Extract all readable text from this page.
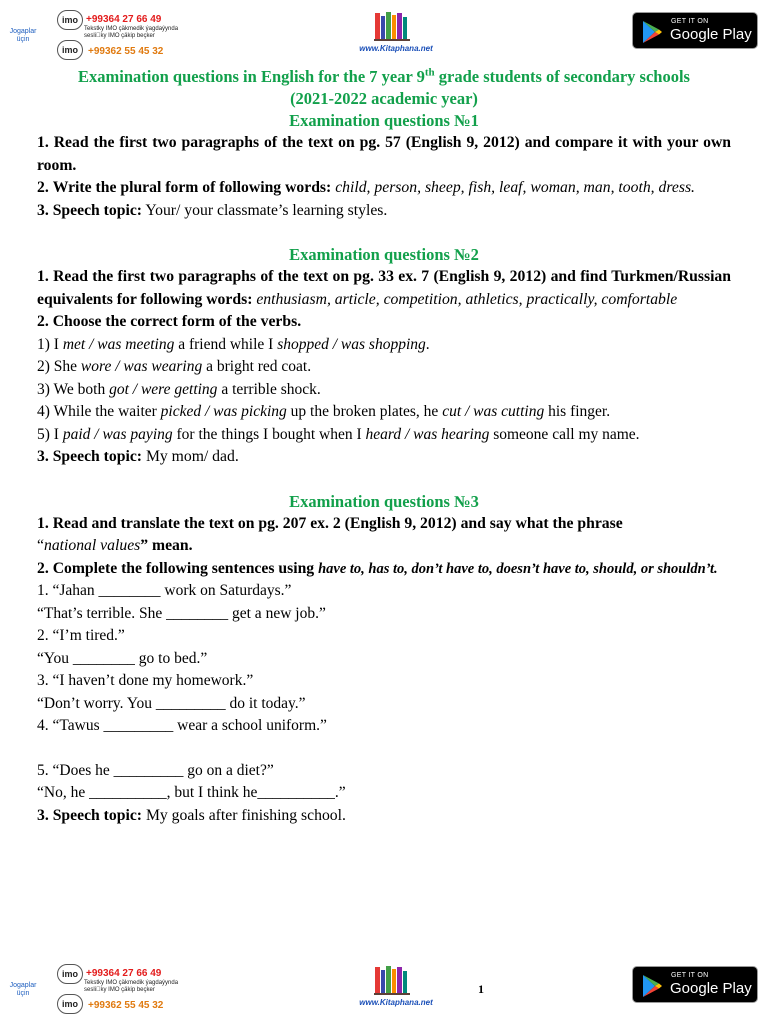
Jogaplar
üçin
imo +99364 27 66 49
Tekstky IMO çäkmedik ýagdaýynda
sesli ky IMO çäkip beçker
imo	+99362 55 45 32	www.Kitaphana.net
GET IT ON
Google Play
Examination questions in English for the 7 year 9th grade students of secondary schools
(2021-2022 academic year)
Examination questions №1

1. Read the first two paragraphs of the text on pg. 57 (English 9, 2012) and compare it with your own room.

2. Write the plural form of following words: child, person, sheep, fish, leaf, woman, man, tooth, dress.

3. Speech topic: Your/ your classmate’s learning styles.

Examination questions №2

1. Read the first two paragraphs of the text on pg. 33 ex. 7 (English 9, 2012) and find Turkmen/Russian equivalents for following words: enthusiasm, article, competition, athletics, practically, comfortable

2. Choose the correct form of the verbs.

1) I met / was meeting a friend while I shopped / was shopping.

2) She wore / was wearing a bright red coat.

3) We both got / were getting a terrible shock.

4) While the waiter picked / was picking up the broken plates, he cut / was cutting his finger.

5) I paid / was paying for the things I bought when I heard / was hearing someone call my name.

3. Speech topic: My mom/ dad.

Examination questions №3

1. Read and translate the text on pg. 207 ex. 2 (English 9, 2012) and say what the phrase
“national values” mean.

2. Complete the following sentences using have to, has to, don’t have to, doesn’t have to, should, or shouldn’t.

1. “Jahan ________ work on Saturdays.”

“That’s terrible. She ________ get a new job.”

2. “I’m tired.”

“You ________ go to bed.”

3. “I haven’t done my homework.”

“Don’t worry. You _________ do it today.”

4. “Tawus _________ wear a school uniform.”

5. “Does he _________ go on a diet?”

“No, he __________, but I think he__________.”

3. Speech topic: My goals after finishing school.

Jogaplar
üçin
imo +99364 27 66 49
Tekstky IMO çäkmedik ýagdaýynda
sesli ky IMO çäkip beçker
imo	+99362 55 45 32	www.Kitaphana.net
GET IT ON
Google Play
1
